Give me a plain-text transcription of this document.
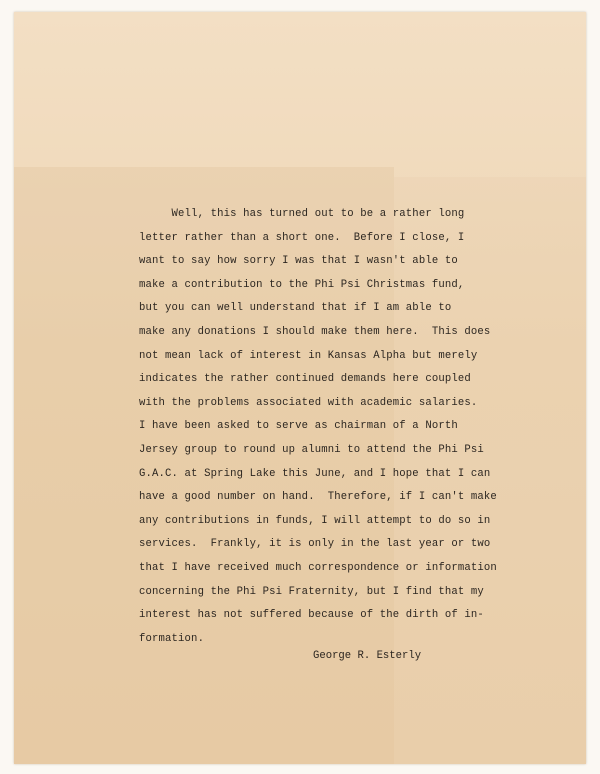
Well, this has turned out to be a rather long
letter rather than a short one.  Before I close, I
want to say how sorry I was that I wasn't able to
make a contribution to the Phi Psi Christmas fund,
but you can well understand that if I am able to
make any donations I should make them here.  This does
not mean lack of interest in Kansas Alpha but merely
indicates the rather continued demands here coupled
with the problems associated with academic salaries.
I have been asked to serve as chairman of a North
Jersey group to round up alumni to attend the Phi Psi
G.A.C. at Spring Lake this June, and I hope that I can
have a good number on hand.  Therefore, if I can't make
any contributions in funds, I will attempt to do so in
services.  Frankly, it is only in the last year or two
that I have received much correspondence or information
concerning the Phi Psi Fraternity, but I find that my
interest has not suffered because of the dirth of in-
formation.
George R. Esterly
